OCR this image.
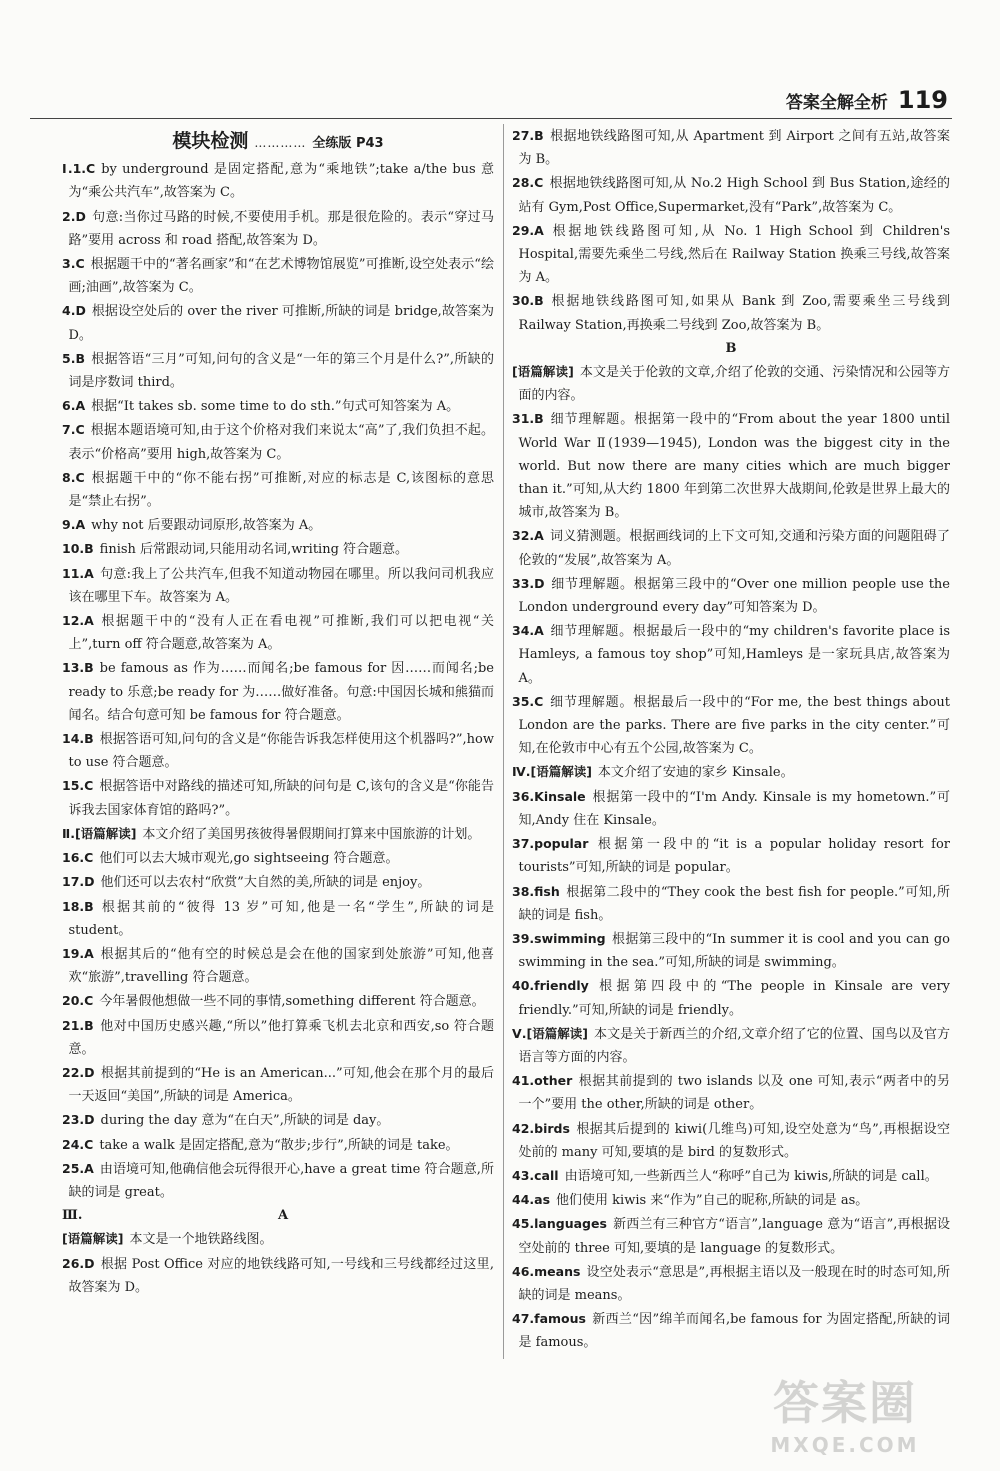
答案全解全析 119
模块检测 ………… 全练版 P43

Ⅰ.1.C by underground 是固定搭配,意为“乘地铁”;take a/the bus 意为“乘公共汽车”,故答案为 C。

2.D 句意:当你过马路的时候,不要使用手机。那是很危险的。表示“穿过马路”要用 across 和 road 搭配,故答案为 D。

3.C 根据题干中的“著名画家”和“在艺术博物馆展览”可推断,设空处表示“绘画;油画”,故答案为 C。

4.D 根据设空处后的 over the river 可推断,所缺的词是 bridge,故答案为 D。

5.B 根据答语“三月”可知,问句的含义是“一年的第三个月是什么?”,所缺的词是序数词 third。

6.A 根据“It takes sb. some time to do sth.”句式可知答案为 A。

7.C 根据本题语境可知,由于这个价格对我们来说太“高”了,我们负担不起。表示“价格高”要用 high,故答案为 C。

8.C 根据题干中的“你不能右拐”可推断,对应的标志是 C,该图标的意思是“禁止右拐”。

9.A why not 后要跟动词原形,故答案为 A。

10.B finish 后常跟动词,只能用动名词,writing 符合题意。

11.A 句意:我上了公共汽车,但我不知道动物园在哪里。所以我问司机我应该在哪里下车。故答案为 A。

12.A 根据题干中的“没有人正在看电视”可推断,我们可以把电视“关上”,turn off 符合题意,故答案为 A。

13.B be famous as 作为……而闻名;be famous for 因……而闻名;be ready to 乐意;be ready for 为……做好准备。句意:中国因长城和熊猫而闻名。结合句意可知 be famous for 符合题意。

14.B 根据答语可知,问句的含义是“你能告诉我怎样使用这个机器吗?”,how to use 符合题意。

15.C 根据答语中对路线的描述可知,所缺的问句是 C,该句的含义是“你能告诉我去国家体育馆的路吗?”。

Ⅱ.[语篇解读] 本文介绍了美国男孩彼得暑假期间打算来中国旅游的计划。

16.C 他们可以去大城市观光,go sightseeing 符合题意。

17.D 他们还可以去农村“欣赏”大自然的美,所缺的词是 enjoy。

18.B 根据其前的“彼得 13 岁”可知,他是一名“学生”,所缺的词是 student。

19.A 根据其后的“他有空的时候总是会在他的国家到处旅游”可知,他喜欢“旅游”,travelling 符合题意。

20.C 今年暑假他想做一些不同的事情,something different 符合题意。

21.B 他对中国历史感兴趣,“所以”他打算乘飞机去北京和西安,so 符合题意。

22.D 根据其前提到的“He is an American...”可知,他会在那个月的最后一天返回“美国”,所缺的词是 America。

23.D during the day 意为“在白天”,所缺的词是 day。

24.C take a walk 是固定搭配,意为“散步;步行”,所缺的词是 take。

25.A 由语境可知,他确信他会玩得很开心,have a great time 符合题意,所缺的词是 great。

Ⅲ.	A

[语篇解读] 本文是一个地铁路线图。

26.D 根据 Post Office 对应的地铁线路可知,一号线和三号线都经过这里,故答案为 D。

27.B 根据地铁线路图可知,从 Apartment 到 Airport 之间有五站,故答案为 B。

28.C 根据地铁线路图可知,从 No.2 High School 到 Bus Station,途经的站有 Gym,Post Office,Supermarket,没有“Park”,故答案为 C。

29.A 根据地铁线路图可知,从 No. 1 High School 到 Children's Hospital,需要先乘坐二号线,然后在 Railway Station 换乘三号线,故答案为 A。

30.B 根据地铁线路图可知,如果从 Bank 到 Zoo,需要乘坐三号线到 Railway Station,再换乘二号线到 Zoo,故答案为 B。

B

[语篇解读] 本文是关于伦敦的文章,介绍了伦敦的交通、污染情况和公园等方面的内容。

31.B 细节理解题。根据第一段中的“From about the year 1800 until World War Ⅱ(1939—1945), London was the biggest city in the world. But now there are many cities which are much bigger than it.”可知,从大约 1800 年到第二次世界大战期间,伦敦是世界上最大的城市,故答案为 B。

32.A 词义猜测题。根据画线词的上下文可知,交通和污染方面的问题阻碍了伦敦的“发展”,故答案为 A。

33.D 细节理解题。根据第三段中的“Over one million people use the London underground every day”可知答案为 D。

34.A 细节理解题。根据最后一段中的“my children's favorite place is Hamleys, a famous toy shop”可知,Hamleys 是一家玩具店,故答案为 A。

35.C 细节理解题。根据最后一段中的“For me, the best things about London are the parks. There are five parks in the city center.”可知,在伦敦市中心有五个公园,故答案为 C。

Ⅳ.[语篇解读] 本文介绍了安迪的家乡 Kinsale。

36.Kinsale 根据第一段中的“I'm Andy. Kinsale is my hometown.”可知,Andy 住在 Kinsale。

37.popular 根据第一段中的“it is a popular holiday resort for tourists”可知,所缺的词是 popular。

38.fish 根据第二段中的“They cook the best fish for people.”可知,所缺的词是 fish。

39.swimming 根据第三段中的“In summer it is cool and you can go swimming in the sea.”可知,所缺的词是 swimming。

40.friendly 根据第四段中的“The people in Kinsale are very friendly.”可知,所缺的词是 friendly。

Ⅴ.[语篇解读] 本文是关于新西兰的介绍,文章介绍了它的位置、国鸟以及官方语言等方面的内容。

41.other 根据其前提到的 two islands 以及 one 可知,表示“两者中的另一个”要用 the other,所缺的词是 other。

42.birds 根据其后提到的 kiwi(几维鸟)可知,设空处意为“鸟”,再根据设空处前的 many 可知,要填的是 bird 的复数形式。

43.call 由语境可知,一些新西兰人“称呼”自己为 kiwis,所缺的词是 call。

44.as 他们使用 kiwis 来“作为”自己的昵称,所缺的词是 as。

45.languages 新西兰有三种官方“语言”,language 意为“语言”,再根据设空处前的 three 可知,要填的是 language 的复数形式。

46.means 设空处表示“意思是”,再根据主语以及一般现在时的时态可知,所缺的词是 means。

47.famous 新西兰“因”绵羊而闻名,be famous for 为固定搭配,所缺的词是 famous。

答案圈
MXQE.COM
